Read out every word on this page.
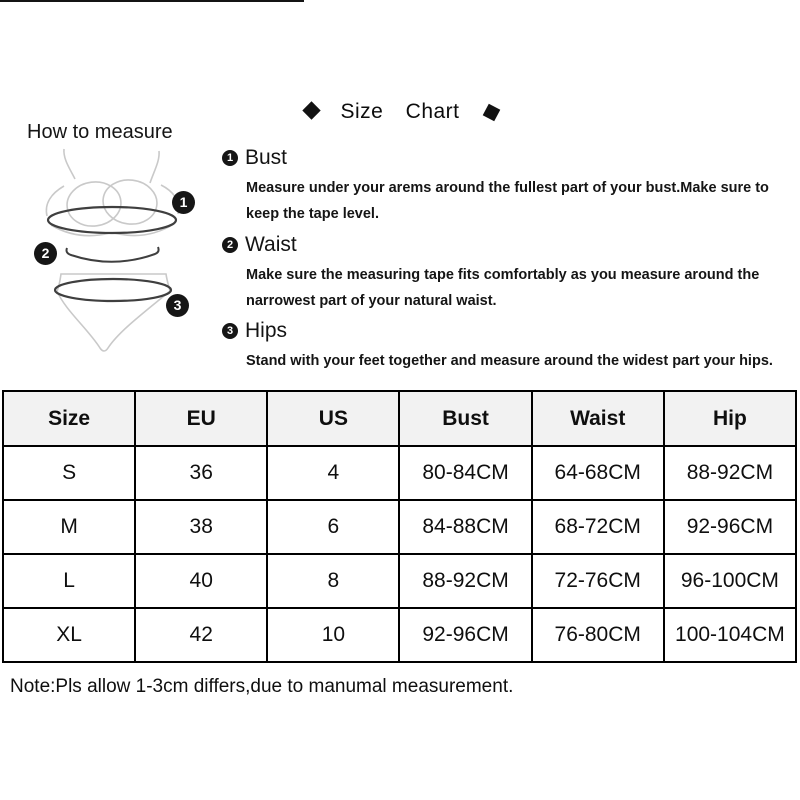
Size Chart
How to measure
1
2
3
1 Bust

Measure under your arems around the fullest part of your bust.Make sure to keep the tape level.

2 Waist

Make sure the measuring tape fits comfortably as you measure around the narrowest part of your natural waist.

3 Hips

Stand with your feet together and measure around the widest part your hips.

Size	EU	US	Bust	Waist	Hip
S	36	4	80-84CM	64-68CM	88-92CM
M	38	6	84-88CM	68-72CM	92-96CM
L	40	8	88-92CM	72-76CM	96-100CM
XL	42	10	92-96CM	76-80CM	100-104CM
Note:Pls allow 1-3cm differs,due to manumal measurement.
